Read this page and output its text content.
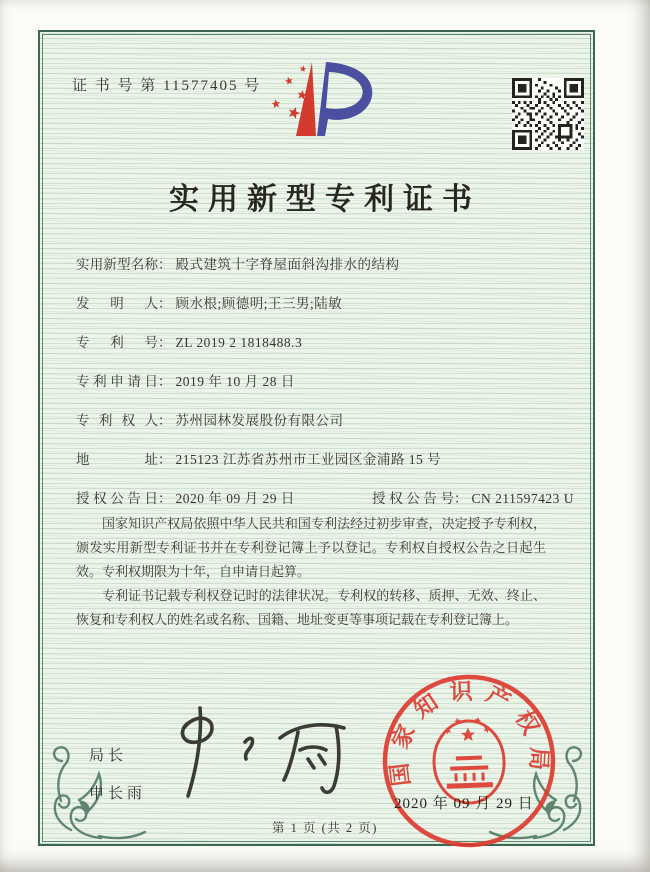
证 书 号 第 11577405 号
实用新型专利证书
实用新型名称： 殿式建筑十字脊屋面斜沟排水的结构
发明人： 顾水根;顾德明;王三男;陆敏
专利号： ZL 2019 2 1818488.3
专利申请日： 2019 年 10 月 28 日
专利权人： 苏州园林发展股份有限公司
地址： 215123 江苏省苏州市工业园区金浦路 15 号
授权公告日： 2020 年 09 月 29 日	授权公告号： CN 211597423 U

国家知识产权局依照中华人民共和国专利法经过初步审查，决定授予专利权，颁发实用新型专利证书并在专利登记簿上予以登记。专利权自授权公告之日起生效。专利权期限为十年，自申请日起算。

专利证书记载专利权登记时的法律状况。专利权的转移、质押、无效、终止、恢复和专利权人的姓名或名称、国籍、地址变更等事项记载在专利登记簿上。

局长
申长雨
国家知识产权局
2020 年 09 月 29 日
第 1 页 (共 2 页)
